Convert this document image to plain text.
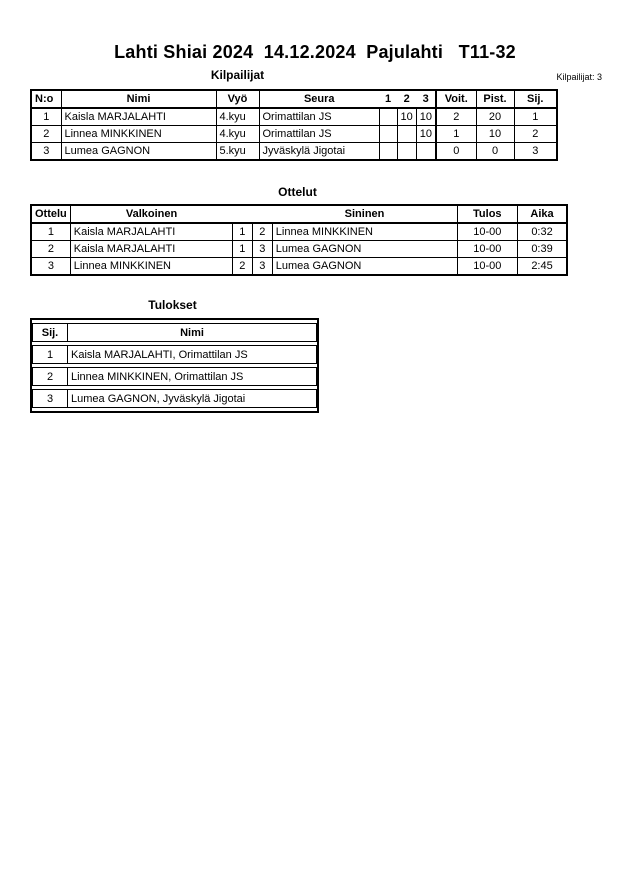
Lahti Shiai 2024  14.12.2024  Pajulahti   T11-32
Kilpailijat	Kilpailijat: 3
N:o	Nimi	Vyö	Seura	1	2	3	Voit.	Pist.	Sij.
1	Kaisla MARJALAHTI	4.kyu	Orimattilan JS		10	10	2	20	1
2	Linnea MINKKINEN	4.kyu	Orimattilan JS			10	1	10	2
3	Lumea GAGNON	5.kyu	Jyväskylä Jigotai				0	0	3
Ottelut
Ottelu	Valkoinen			Sininen	Tulos	Aika
1	Kaisla MARJALAHTI	1	2	Linnea MINKKINEN	10-00	0:32
2	Kaisla MARJALAHTI	1	3	Lumea GAGNON	10-00	0:39
3	Linnea MINKKINEN	2	3	Lumea GAGNON	10-00	2:45
Tulokset
Sij.	Nimi
1	Kaisla MARJALAHTI, Orimattilan JS
2	Linnea MINKKINEN, Orimattilan JS
3	Lumea GAGNON, Jyväskylä Jigotai
